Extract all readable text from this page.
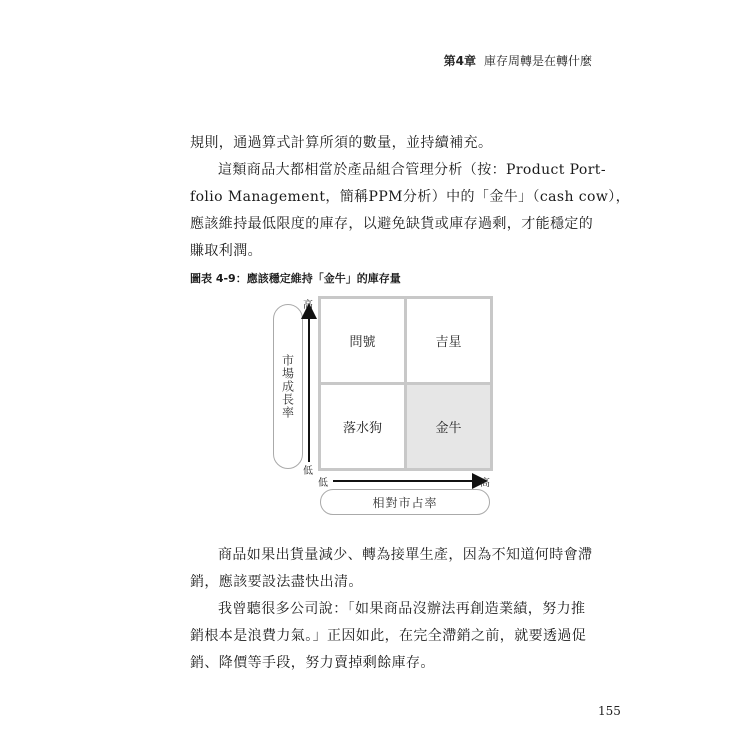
第4章 庫存周轉是在轉什麼

規則，通過算式計算所須的數量，並持續補充。

這類商品大都相當於產品組合管理分析（按：Product Port-

folio Management，簡稱PPM分析）中的「金牛」（cash cow），

應該維持最低限度的庫存，以避免缺貨或庫存過剩，才能穩定的

賺取利潤。

圖表 4-9：應該穩定維持「金牛」的庫存量
市場成長率
高
低
低	高
問號	吉星
落水狗	金牛
相對市占率

商品如果出貨量減少、轉為接單生產，因為不知道何時會滯

銷，應該要設法盡快出清。

我曾聽很多公司說：「如果商品沒辦法再創造業績，努力推

銷根本是浪費力氣。」正因如此，在完全滯銷之前，就要透過促

銷、降價等手段，努力賣掉剩餘庫存。

155
